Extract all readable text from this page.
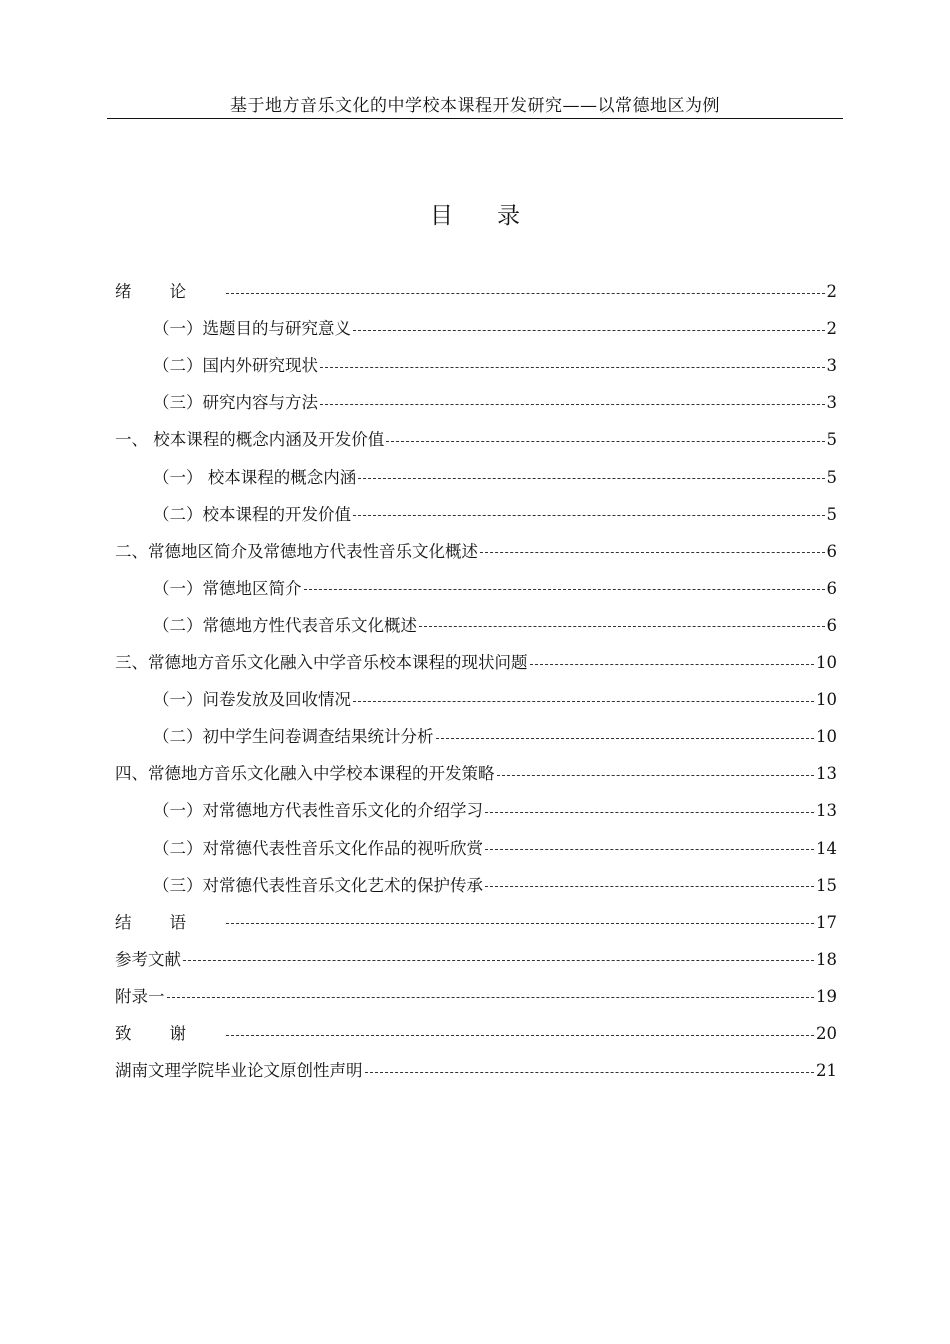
基于地方音乐文化的中学校本课程开发研究——以常德地区为例
目录
绪论	2
（一）选题目的与研究意义	2
（二）国内外研究现状	3
（三）研究内容与方法	3
一、 校本课程的概念内涵及开发价值	5
（一） 校本课程的概念内涵	5
（二）校本课程的开发价值	5
二、常德地区简介及常德地方代表性音乐文化概述	6
（一）常德地区简介	6
（二）常德地方性代表音乐文化概述	6
三、常德地方音乐文化融入中学音乐校本课程的现状问题	10
（一）问卷发放及回收情况	10
（二）初中学生问卷调查结果统计分析	10
四、常德地方音乐文化融入中学校本课程的开发策略	13
（一）对常德地方代表性音乐文化的介绍学习	13
（二）对常德代表性音乐文化作品的视听欣赏	14
（三）对常德代表性音乐文化艺术的保护传承	15
结语	17
参考文献	18
附录一	19
致谢	20
湖南文理学院毕业论文原创性声明	21
